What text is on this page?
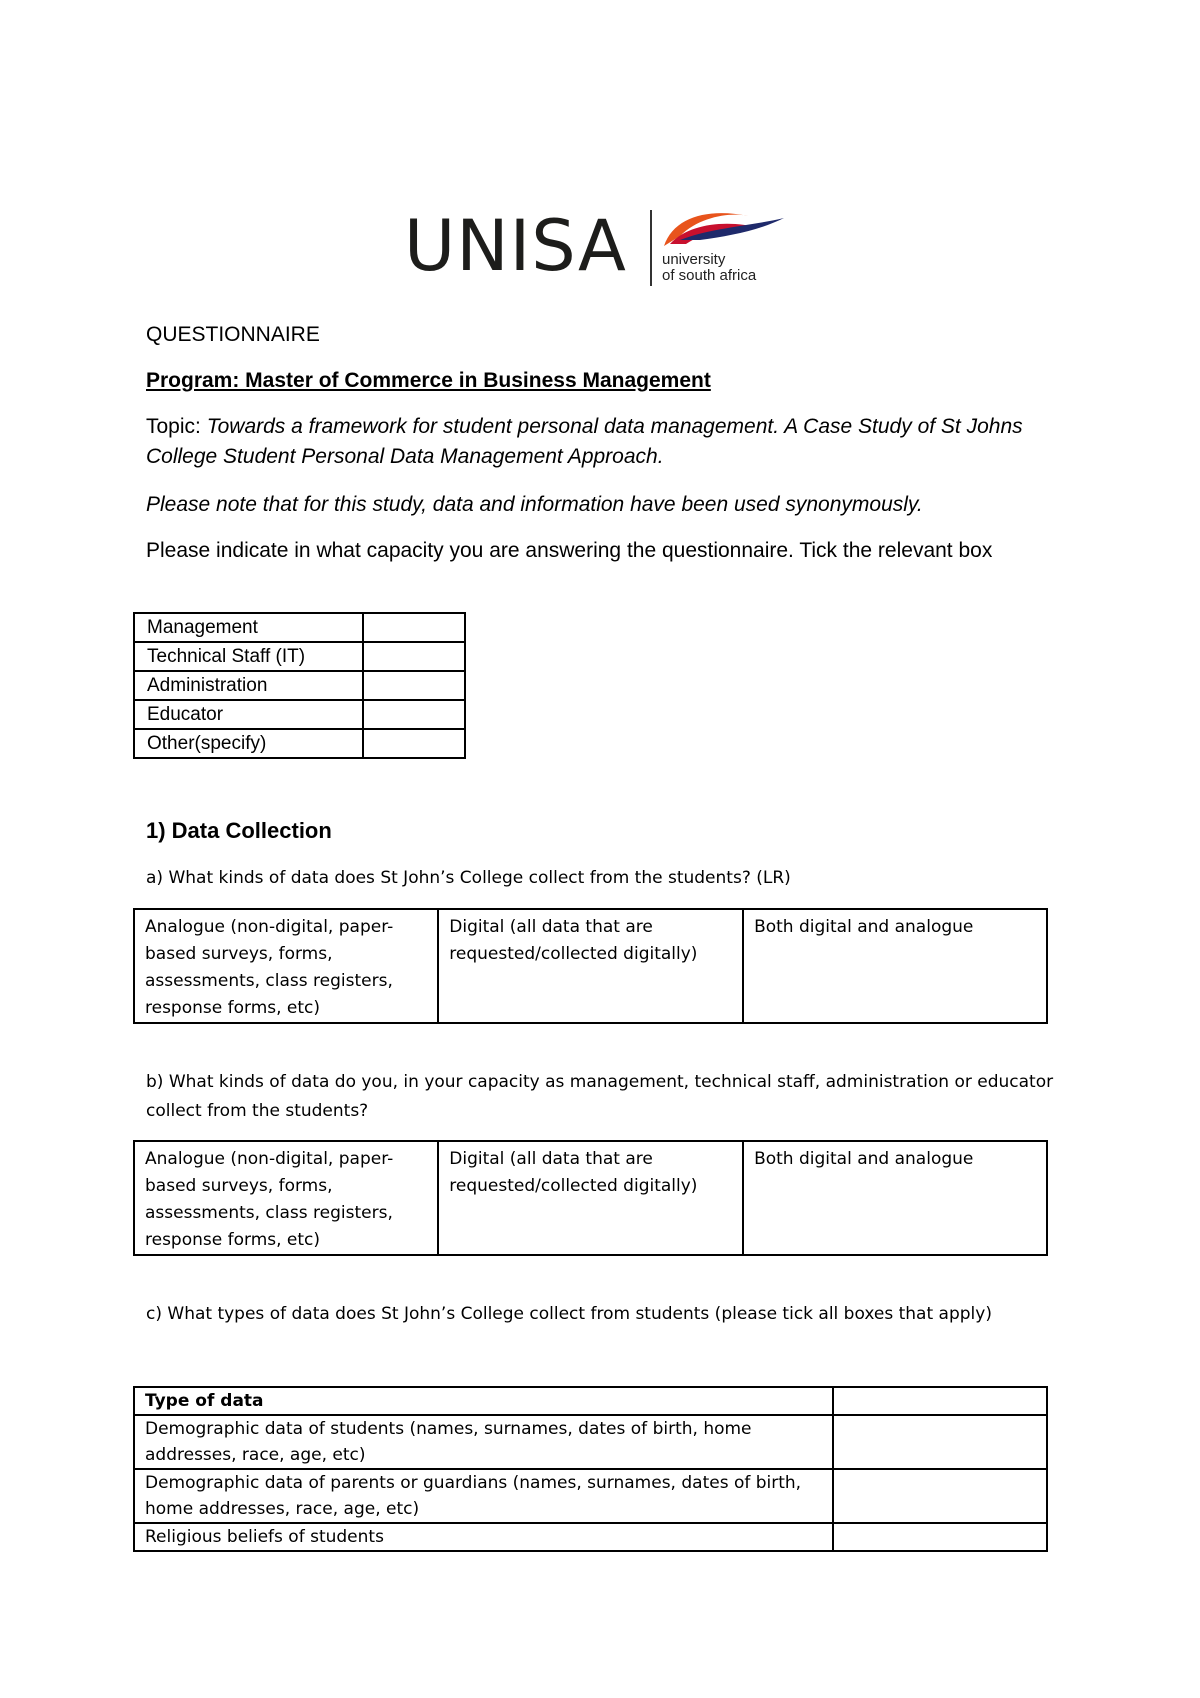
UNISA university
of south africa
QUESTIONNAIRE
Program: Master of Commerce in Business Management
Topic: Towards a framework for student personal data management. A Case Study of St Johns College Student Personal Data Management Approach.
Please note that for this study, data and information have been used synonymously.
Please indicate in what capacity you are answering the questionnaire. Tick the relevant box
Management	
Technical Staff (IT)	
Administration	
Educator	
Other(specify)	
1) Data Collection
a) What kinds of data does St John’s College collect from the students? (LR)
Analogue (non-digital, paper-based surveys, forms, assessments, class registers, response forms, etc)	Digital (all data that are requested/collected digitally)	Both digital and analogue
b) What kinds of data do you, in your capacity as management, technical staff, administration or educator collect from the students?
Analogue (non-digital, paper-based surveys, forms, assessments, class registers, response forms, etc)	Digital (all data that are requested/collected digitally)	Both digital and analogue
c) What types of data does St John’s College collect from students (please tick all boxes that apply)
Type of data	
Demographic data of students (names, surnames, dates of birth, home addresses, race, age, etc)	
Demographic data of parents or guardians (names, surnames, dates of birth, home addresses, race, age, etc)	
Religious beliefs of students	
